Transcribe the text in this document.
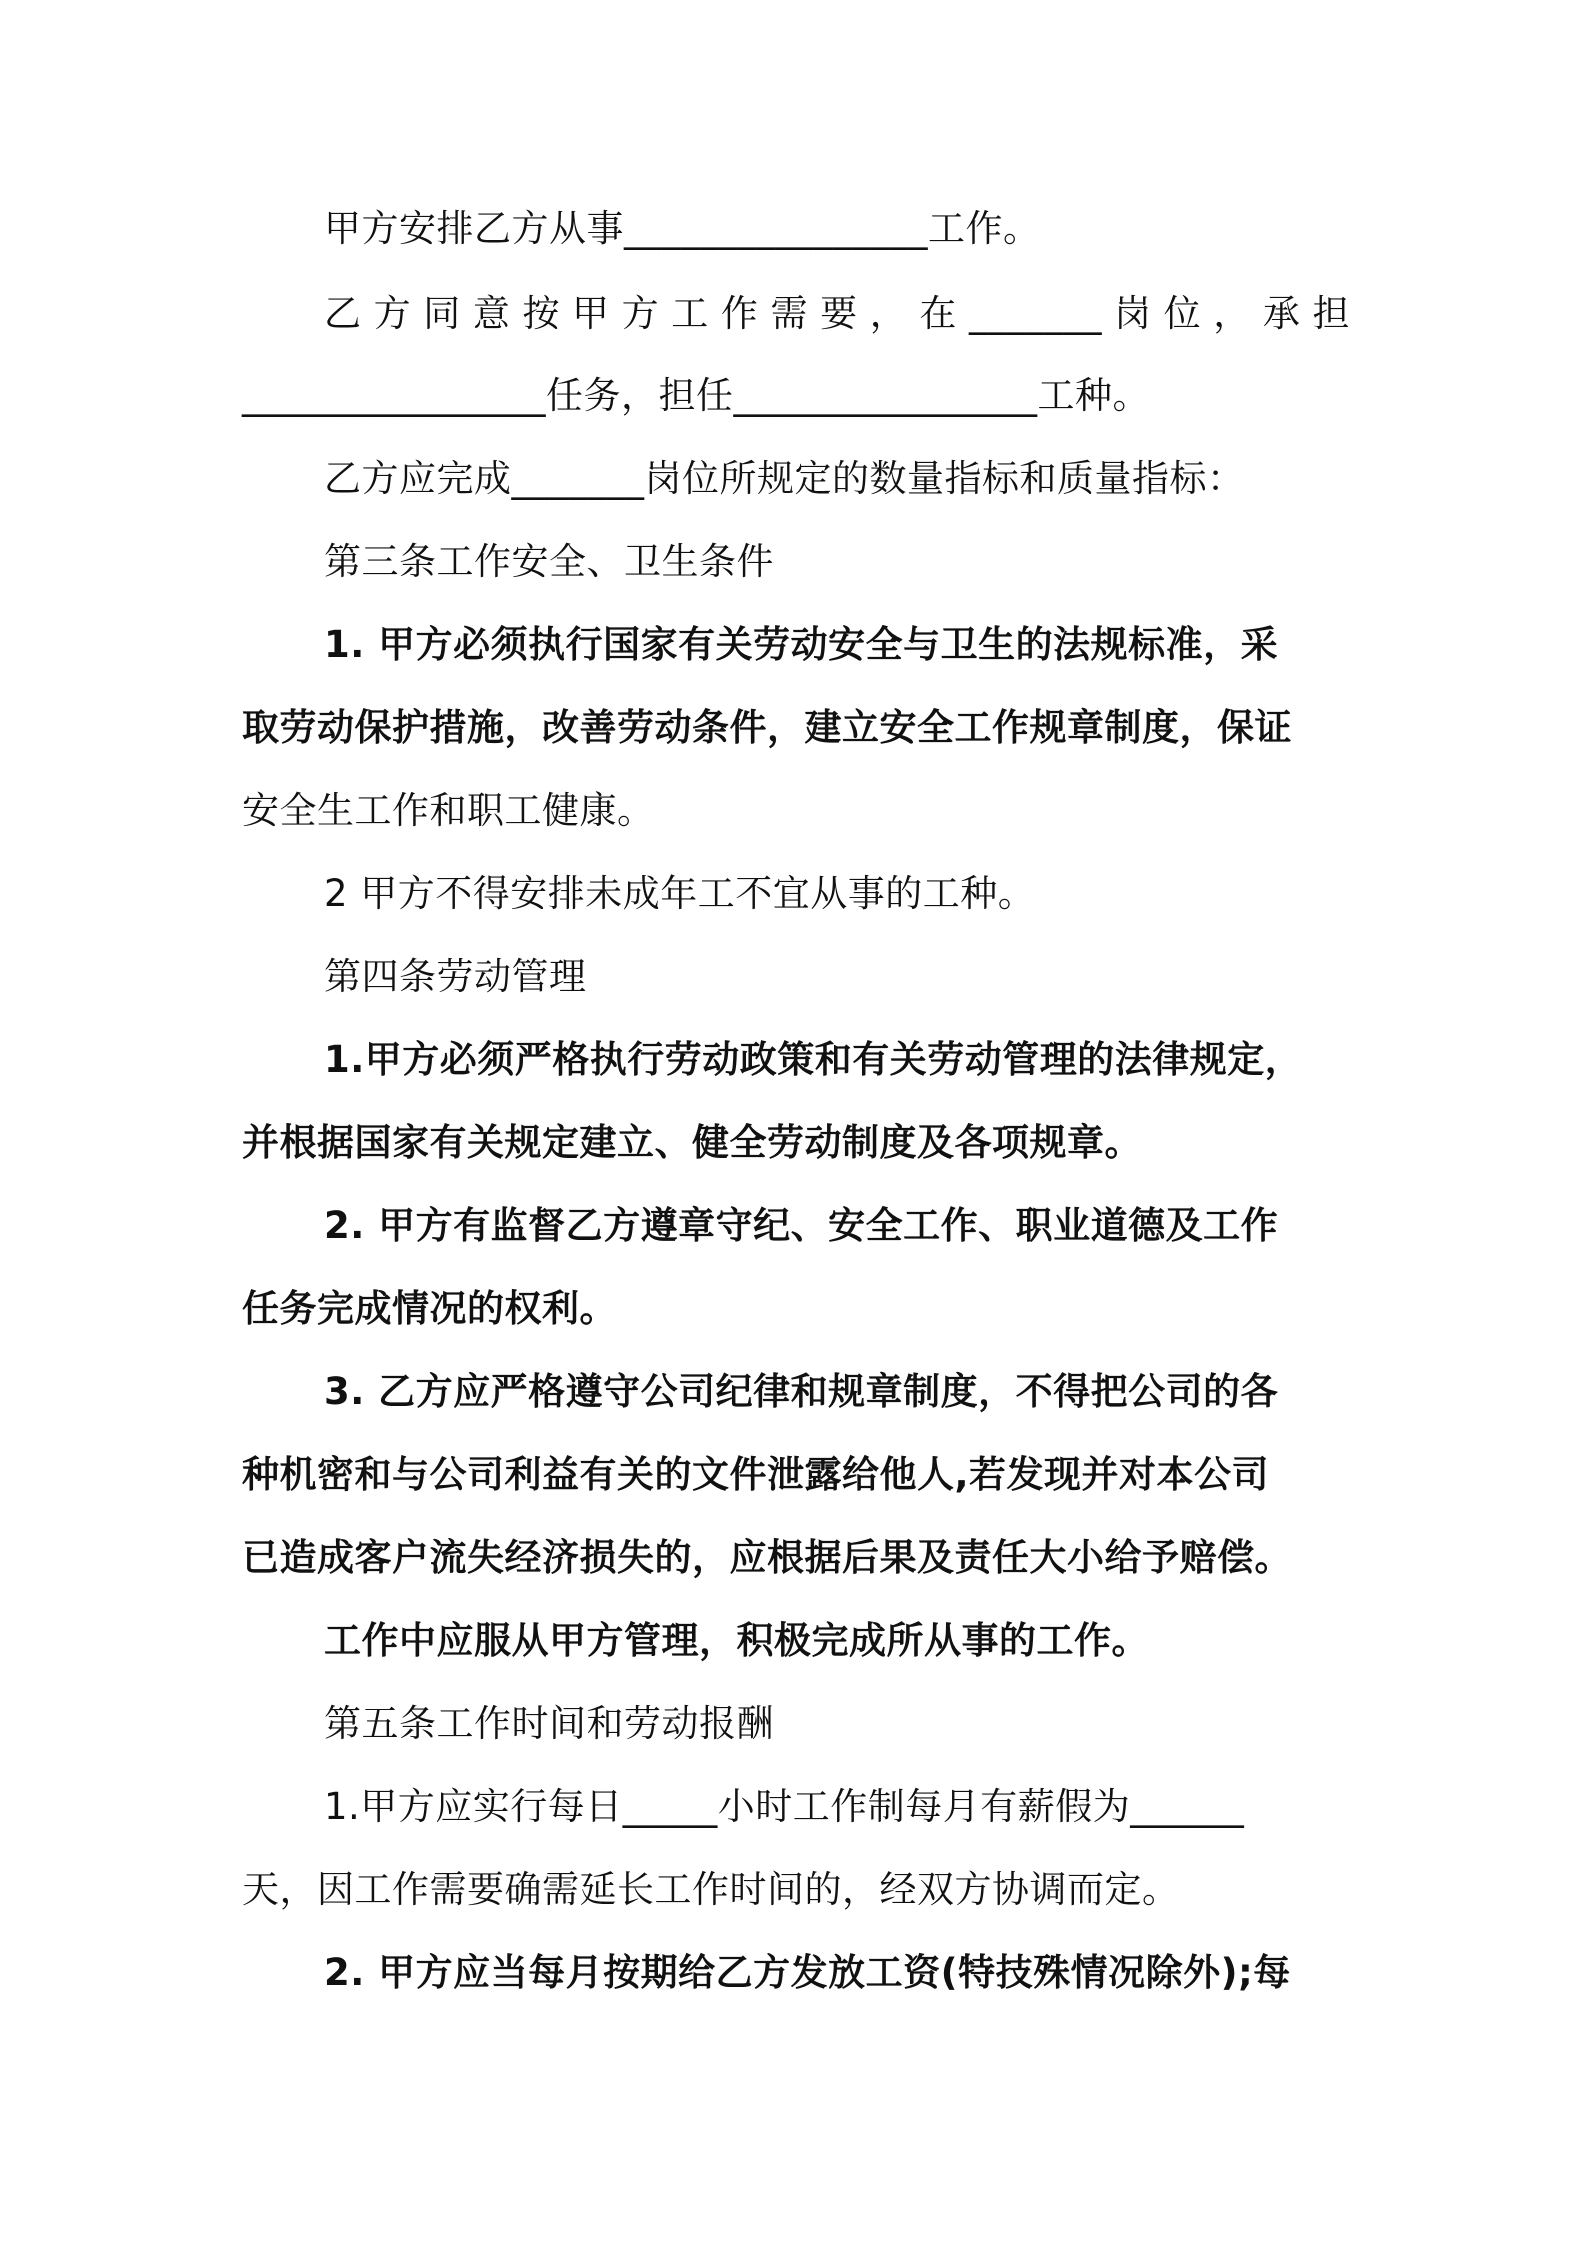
甲方安排乙方从事________________工作。
乙方同意按甲方工作需要，在_______岗位，承担
________________任务，担任________________工种。
乙方应完成_______岗位所规定的数量指标和质量指标：
第三条工作安全、卫生条件
1. 甲方必须执行国家有关劳动安全与卫生的法规标准，采
取劳动保护措施，改善劳动条件，建立安全工作规章制度，保证
安全生工作和职工健康。
2 甲方不得安排未成年工不宜从事的工种。
第四条劳动管理
1.甲方必须严格执行劳动政策和有关劳动管理的法律规定，
并根据国家有关规定建立、健全劳动制度及各项规章。
2. 甲方有监督乙方遵章守纪、安全工作、职业道德及工作
任务完成情况的权利。
3. 乙方应严格遵守公司纪律和规章制度，不得把公司的各
种机密和与公司利益有关的文件泄露给他人,若发现并对本公司
已造成客户流失经济损失的，应根据后果及责任大小给予赔偿。
工作中应服从甲方管理，积极完成所从事的工作。
第五条工作时间和劳动报酬
1.甲方应实行每日_____小时工作制每月有薪假为______
天，因工作需要确需延长工作时间的，经双方协调而定。
2. 甲方应当每月按期给乙方发放工资(特技殊情况除外);每
